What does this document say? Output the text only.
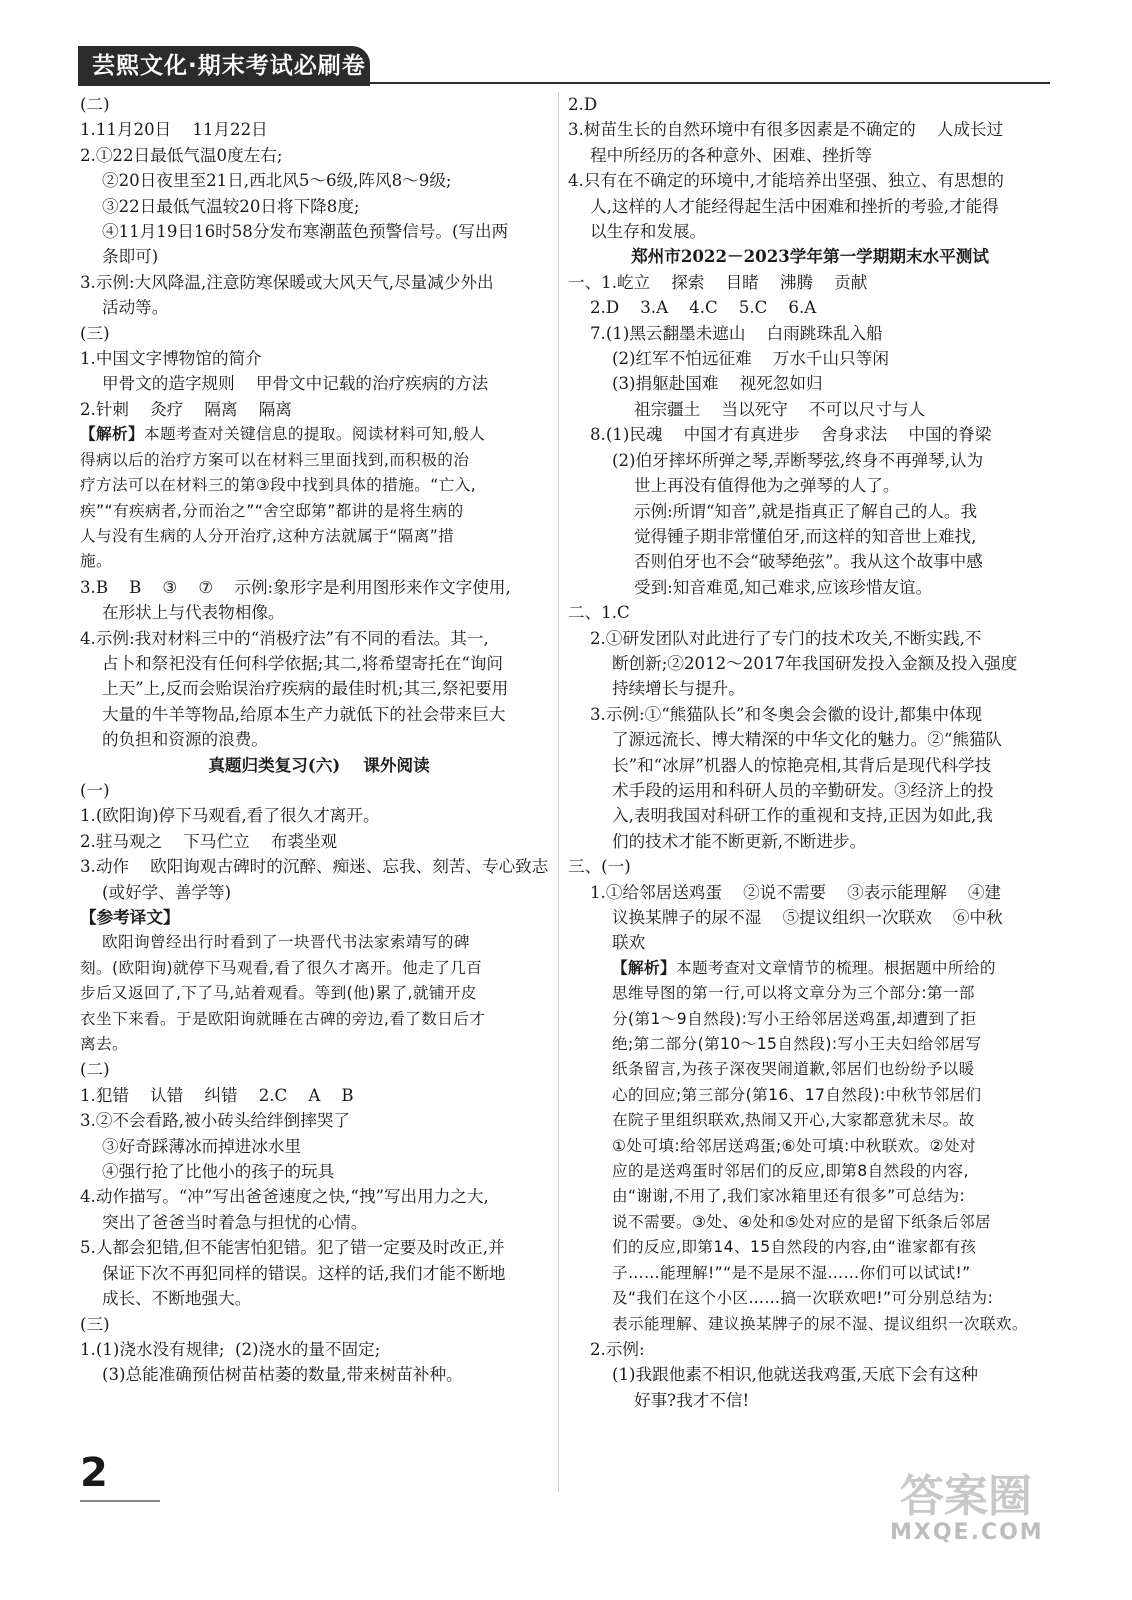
芸熙文化·期末考试必刷卷

(二)

1.11月20日    11月22日

2.①22日最低气温0度左右;

②20日夜里至21日,西北风5～6级,阵风8～9级;

③22日最低气温较20日将下降8度;

④11月19日16时58分发布寒潮蓝色预警信号。(写出两

条即可)

3.示例:大风降温,注意防寒保暖或大风天气,尽量减少外出

活动等。

(三)

1.中国文字博物馆的简介

甲骨文的造字规则    甲骨文中记载的治疗疾病的方法

2.针刺    灸疗    隔离    隔离

【解析】本题考查对关键信息的提取。阅读材料可知,般人

得病以后的治疗方案可以在材料三里面找到,而积极的治

疗方法可以在材料三的第③段中找到具体的措施。“亡入,

疾”“有疾病者,分而治之”“舍空邸第”都讲的是将生病的

人与没有生病的人分开治疗,这种方法就属于“隔离”措

施。

3.B    B    ③    ⑦    示例:象形字是利用图形来作文字使用,

在形状上与代表物相像。

4.示例:我对材料三中的“消极疗法”有不同的看法。其一,

占卜和祭祀没有任何科学依据;其二,将希望寄托在“询问

上天”上,反而会贻误治疗疾病的最佳时机;其三,祭祀要用

大量的牛羊等物品,给原本生产力就低下的社会带来巨大

的负担和资源的浪费。

真题归类复习(六)    课外阅读

(一)

1.(欧阳询)停下马观看,看了很久才离开。

2.驻马观之    下马伫立    布裘坐观

3.动作    欧阳询观古碑时的沉醉、痴迷、忘我、刻苦、专心致志

(或好学、善学等)

【参考译文】

欧阳询曾经出行时看到了一块晋代书法家索靖写的碑

刻。(欧阳询)就停下马观看,看了很久才离开。他走了几百

步后又返回了,下了马,站着观看。等到(他)累了,就铺开皮

衣坐下来看。于是欧阳询就睡在古碑的旁边,看了数日后才

离去。

(二)

1.犯错    认错    纠错    2.C    A    B

3.②不会看路,被小砖头给绊倒摔哭了

③好奇踩薄冰而掉进冰水里

④强行抢了比他小的孩子的玩具

4.动作描写。“冲”写出爸爸速度之快,“拽”写出用力之大,

突出了爸爸当时着急与担忧的心情。

5.人都会犯错,但不能害怕犯错。犯了错一定要及时改正,并

保证下次不再犯同样的错误。这样的话,我们才能不断地

成长、不断地强大。

(三)

1.(1)浇水没有规律;  (2)浇水的量不固定;

(3)总能准确预估树苗枯萎的数量,带来树苗补种。

2.D

3.树苗生长的自然环境中有很多因素是不确定的    人成长过

程中所经历的各种意外、困难、挫折等

4.只有在不确定的环境中,才能培养出坚强、独立、有思想的

人,这样的人才能经得起生活中困难和挫折的考验,才能得

以生存和发展。

郑州市2022－2023学年第一学期期末水平测试

一、1.屹立    探索    目睹    沸腾    贡献

2.D    3.A    4.C    5.C    6.A

7.(1)黑云翻墨未遮山    白雨跳珠乱入船

(2)红军不怕远征难    万水千山只等闲

(3)捐躯赴国难    视死忽如归

祖宗疆土    当以死守    不可以尺寸与人

8.(1)民魂    中国才有真进步    舍身求法    中国的脊梁

(2)伯牙摔坏所弹之琴,弄断琴弦,终身不再弹琴,认为

世上再没有值得他为之弹琴的人了。

示例:所谓“知音”,就是指真正了解自己的人。我

觉得锺子期非常懂伯牙,而这样的知音世上难找,

否则伯牙也不会“破琴绝弦”。我从这个故事中感

受到:知音难觅,知己难求,应该珍惜友谊。

二、1.C

2.①研发团队对此进行了专门的技术攻关,不断实践,不

断创新;②2012～2017年我国研发投入金额及投入强度

持续增长与提升。

3.示例:①“熊猫队长”和冬奥会会徽的设计,都集中体现

了源远流长、博大精深的中华文化的魅力。②“熊猫队

长”和“冰屏”机器人的惊艳亮相,其背后是现代科学技

术手段的运用和科研人员的辛勤研发。③经济上的投

入,表明我国对科研工作的重视和支持,正因为如此,我

们的技术才能不断更新,不断进步。

三、(一)

1.①给邻居送鸡蛋    ②说不需要    ③表示能理解    ④建

议换某牌子的尿不湿    ⑤提议组织一次联欢    ⑥中秋

联欢

【解析】本题考查对文章情节的梳理。根据题中所给的

思维导图的第一行,可以将文章分为三个部分:第一部

分(第1～9自然段):写小王给邻居送鸡蛋,却遭到了拒

绝;第二部分(第10～15自然段):写小王夫妇给邻居写

纸条留言,为孩子深夜哭闹道歉,邻居们也纷纷予以暖

心的回应;第三部分(第16、17自然段):中秋节邻居们

在院子里组织联欢,热闹又开心,大家都意犹未尽。故

①处可填:给邻居送鸡蛋;⑥处可填:中秋联欢。②处对

应的是送鸡蛋时邻居们的反应,即第8自然段的内容,

由“谢谢,不用了,我们家冰箱里还有很多”可总结为:

说不需要。③处、④处和⑤处对应的是留下纸条后邻居

们的反应,即第14、15自然段的内容,由“谁家都有孩

子……能理解!”“是不是尿不湿……你们可以试试!”

及“我们在这个小区……搞一次联欢吧!”可分别总结为:

表示能理解、建议换某牌子的尿不湿、提议组织一次联欢。

2.示例:

(1)我跟他素不相识,他就送我鸡蛋,天底下会有这种

好事?我才不信!

2	答案圈
MXQE.COM
